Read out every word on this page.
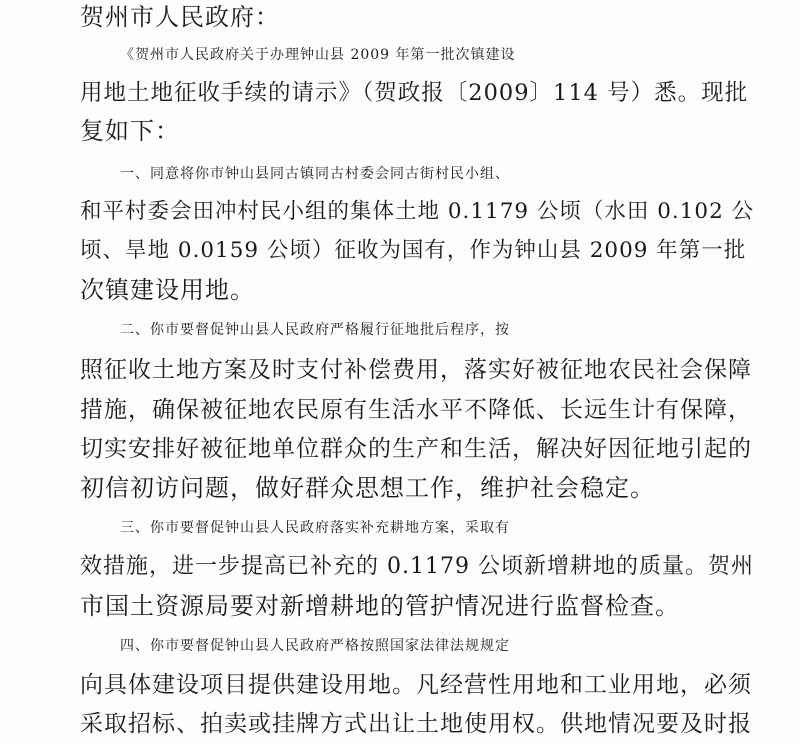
贺州市人民政府：
《贺州市人民政府关于办理钟山县 2009 年第一批次镇建设
用地土地征收手续的请示》（贺政报〔2009〕114 号）悉。现批
复如下：
一、同意将你市钟山县同古镇同古村委会同古街村民小组、
和平村委会田冲村民小组的集体土地 0.1179 公顷（水田 0.102 公
顷、旱地 0.0159 公顷）征收为国有，作为钟山县 2009 年第一批
次镇建设用地。
二、你市要督促钟山县人民政府严格履行征地批后程序，按
照征收土地方案及时支付补偿费用，落实好被征地农民社会保障
措施，确保被征地农民原有生活水平不降低、长远生计有保障，
切实安排好被征地单位群众的生产和生活，解决好因征地引起的
初信初访问题，做好群众思想工作，维护社会稳定。
三、你市要督促钟山县人民政府落实补充耕地方案，采取有
效措施，进一步提高已补充的 0.1179 公顷新增耕地的质量。贺州
市国土资源局要对新增耕地的管护情况进行监督检查。
四、你市要督促钟山县人民政府严格按照国家法律法规规定
向具体建设项目提供建设用地。凡经营性用地和工业用地，必须
采取招标、拍卖或挂牌方式出让土地使用权。供地情况要及时报
